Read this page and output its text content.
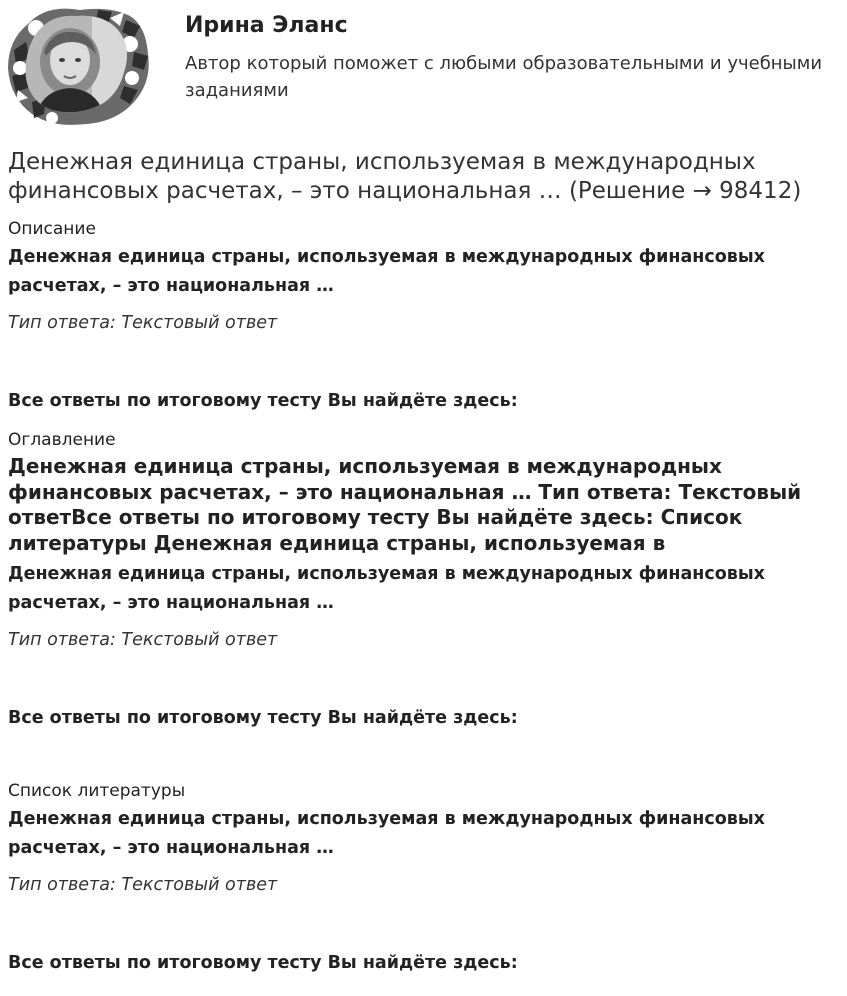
Ирина Эланс
Автор который поможет с любыми образовательными и учебными заданиями
Денежная единица страны, используемая в международных финансовых расчетах, – это национальная … (Решение → 98412)
Описание
Денежная единица страны, используемая в международных финансовых расчетах, – это национальная …
Тип ответа: Текстовый ответ
Все ответы по итоговому тесту Вы найдёте здесь:
Оглавление
Денежная единица страны, используемая в международных финансовых расчетах, – это национальная … Тип ответа: Текстовый ответВсе ответы по итоговому тесту Вы найдёте здесь: Список литературы Денежная единица страны, используемая в
Денежная единица страны, используемая в международных финансовых расчетах, – это национальная …
Тип ответа: Текстовый ответ
Все ответы по итоговому тесту Вы найдёте здесь:
Список литературы
Денежная единица страны, используемая в международных финансовых расчетах, – это национальная …
Тип ответа: Текстовый ответ
Все ответы по итоговому тесту Вы найдёте здесь:
